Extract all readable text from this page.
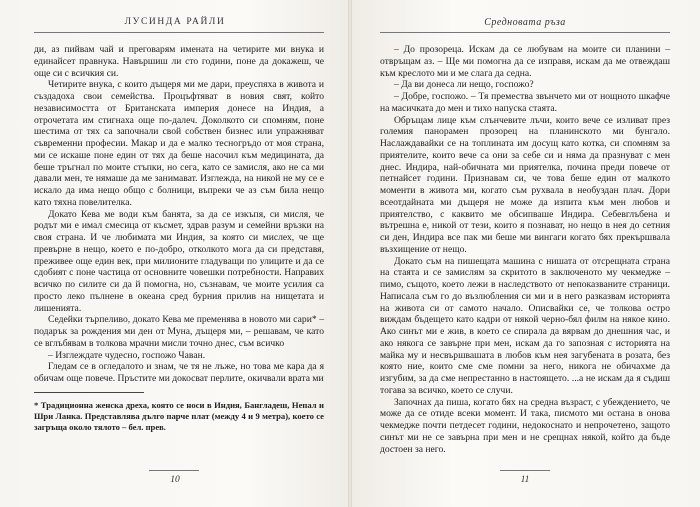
ЛУСИНДА РАЙЛИ

ди, аз пийвам чай и преговарям имената на четирите ми внука и единайсет правнука. Навършиш ли сто години, поне да докажеш, че още си с всичкия си.

Четирите внука, с които дъщеря ми ме дари, преуспяха в живота и създадоха свои семейства. Процъфтяват в новия свят, който независимостта от Британската империя донесе на Индия, а отрочетата им стигнаха още по-далеч. Доколкото си спомням, поне шестима от тях са започнали свой собствен бизнес или упражняват съвременни професии. Макар и да е малко тесногръдо от моя страна, ми се искаше поне един от тях да беше насочил към медицината, да беше тръгнал по моите стъпки, но сега, като се замисля, ако не са ми давали мен, те нямаше да ме занимават. Изглежда, на никой не му се е искало да има нещо общо с болници, въпреки че аз съм била нещо като тяхна повелителка.

Докато Кева ме води към банята, за да се изкъпя, си мисля, че родът ми е имал смесица от късмет, здрав разум и семейни връзки на своя страна. И че любимата ми Индия, за която си мислех, че ще превърне в нещо, което е по-добро, отколкото мога да си представя, преживее още един век, при милионите гладуващи по улиците и да се сдобият с поне частица от основните човешки потребности. Направих всичко по силите си да й помогна, но, съзнавам, че моите усилия са просто леко пълнене в океана сред бурния прилив на нищетата и лишенията.

Седейки търпеливо, докато Кева ме пременява в новото ми сари* – подарък за рождения ми ден от Муна, дъщеря ми, – решавам, че като се вглъбявам в толкова мрачни мисли точно днес, съм всичко

– Изглеждате чудесно, госпожо Чаван.

Гледам се в огледалото и знам, че тя не лъже, но това ме кара да я обичам още повече. Пръстите ми докосват перлите, окичвали врата ми

* Традиционна женска дреха, която се носи в Индия, Бангладеш, Непал и Шри Ланка. Представлява дълго парче плат (между 4 и 9 метра), което се загръща около тялото – бел. прев.
10
Средновата ръза

– До прозореца. Искам да се любувам на моите си планини – отвръщам аз. – Ще ми помогна да се изправя, искам да ме отвеждаш към креслото ми и ме слага да седна.

– Да ви донеса ли нещо, госпожо?

– Добре, госпожо. – Тя премества звънчето ми от нощното шкафче на масичката до мен и тихо напуска стаята.

Обръщам лице към слънчевите лъчи, които вече се изливат през големия панорамен прозорец на планинското ми бунгало. Наслаждавайки се на топлината им досущ като котка, си спомням за приятелите, които вече са они за себе си и няма да празнуват с мен днес. Индира, най-обичната ми приятелка, почина преди повече от петнайсет години. Признавам си, че това беше един от малкото моменти в живота ми, когато съм рухвала в необуздан плач. Дори всеотдайната ми дъщеря не може да изпита към мен любов и приятелство, с каквито ме обсипваше Индира. Себевглъбена и вътрешна е, никой от тези, които я познават, но нещо в нея до сетния си ден, Индира все пак ми беше ми вингаги когато бях прекършвала възхищение от нещо.

Докато съм на пишещата машина с нишата от отсрещната страна на стаята и се замислям за скритото в заключеното му чекмедже – пимо, същото, което лежи в наследството от непоказваните страници. Написала съм го до възлюбления си ми и в него разказвам историята на живота си от самото начало. Описвайки се, че толкова остро виждам бъдещето като кадри от някой черно-бял филм на някое кино. Ако синът ми е жив, в което се спирала да вярвам до днешния час, и ако някога се завърне при мен, искам да го запозная с историята на майка му и несвършвашата в любов към нея загубената в розата, без която ние, които сме сме помни за него, никога не обичахме да изгубим, за да сме непрестанно в настоящето. ...а не искам да я съдиш тогава за всичко, което се случи.

Започнах да пиша, когато бях на средна възраст, с убеждението, че може да се отиде всеки момент. И така, писмото ми остана в онова чекмедже почти петдесет години, недокоснато и непрочетено, защото синът ми не се завърна при мен и не срещнах някой, който да бъде достоен за него.

11
